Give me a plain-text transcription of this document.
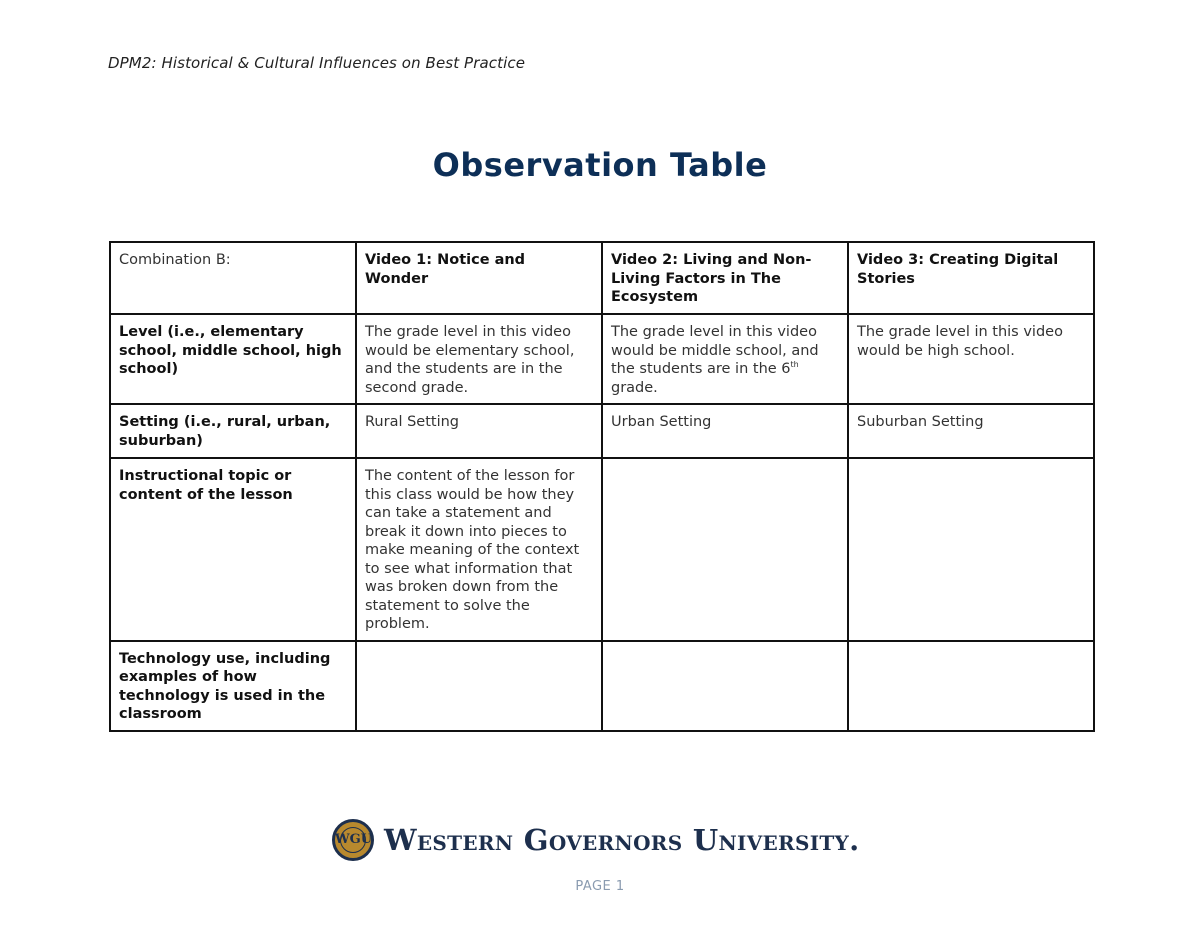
DPM2: Historical & Cultural Influences on Best Practice
Observation Table
Combination B:	Video 1: Notice and Wonder	Video 2: Living and Non-Living Factors in The Ecosystem	Video 3: Creating Digital Stories
Level (i.e., elementary school, middle school, high school)	The grade level in this video would be elementary school, and the students are in the second grade.	The grade level in this video would be middle school, and the students are in the 6th grade.	The grade level in this video would be high school.
Setting (i.e., rural, urban, suburban)	Rural Setting	Urban Setting	Suburban Setting
Instructional topic or content of the lesson	The content of the lesson for this class would be how they can take a statement and break it down into pieces to make meaning of the context to see what information that was broken down from the statement to solve the problem.		
Technology use, including examples of how technology is used in the classroom			
WGU Western Governors University.
PAGE 1
